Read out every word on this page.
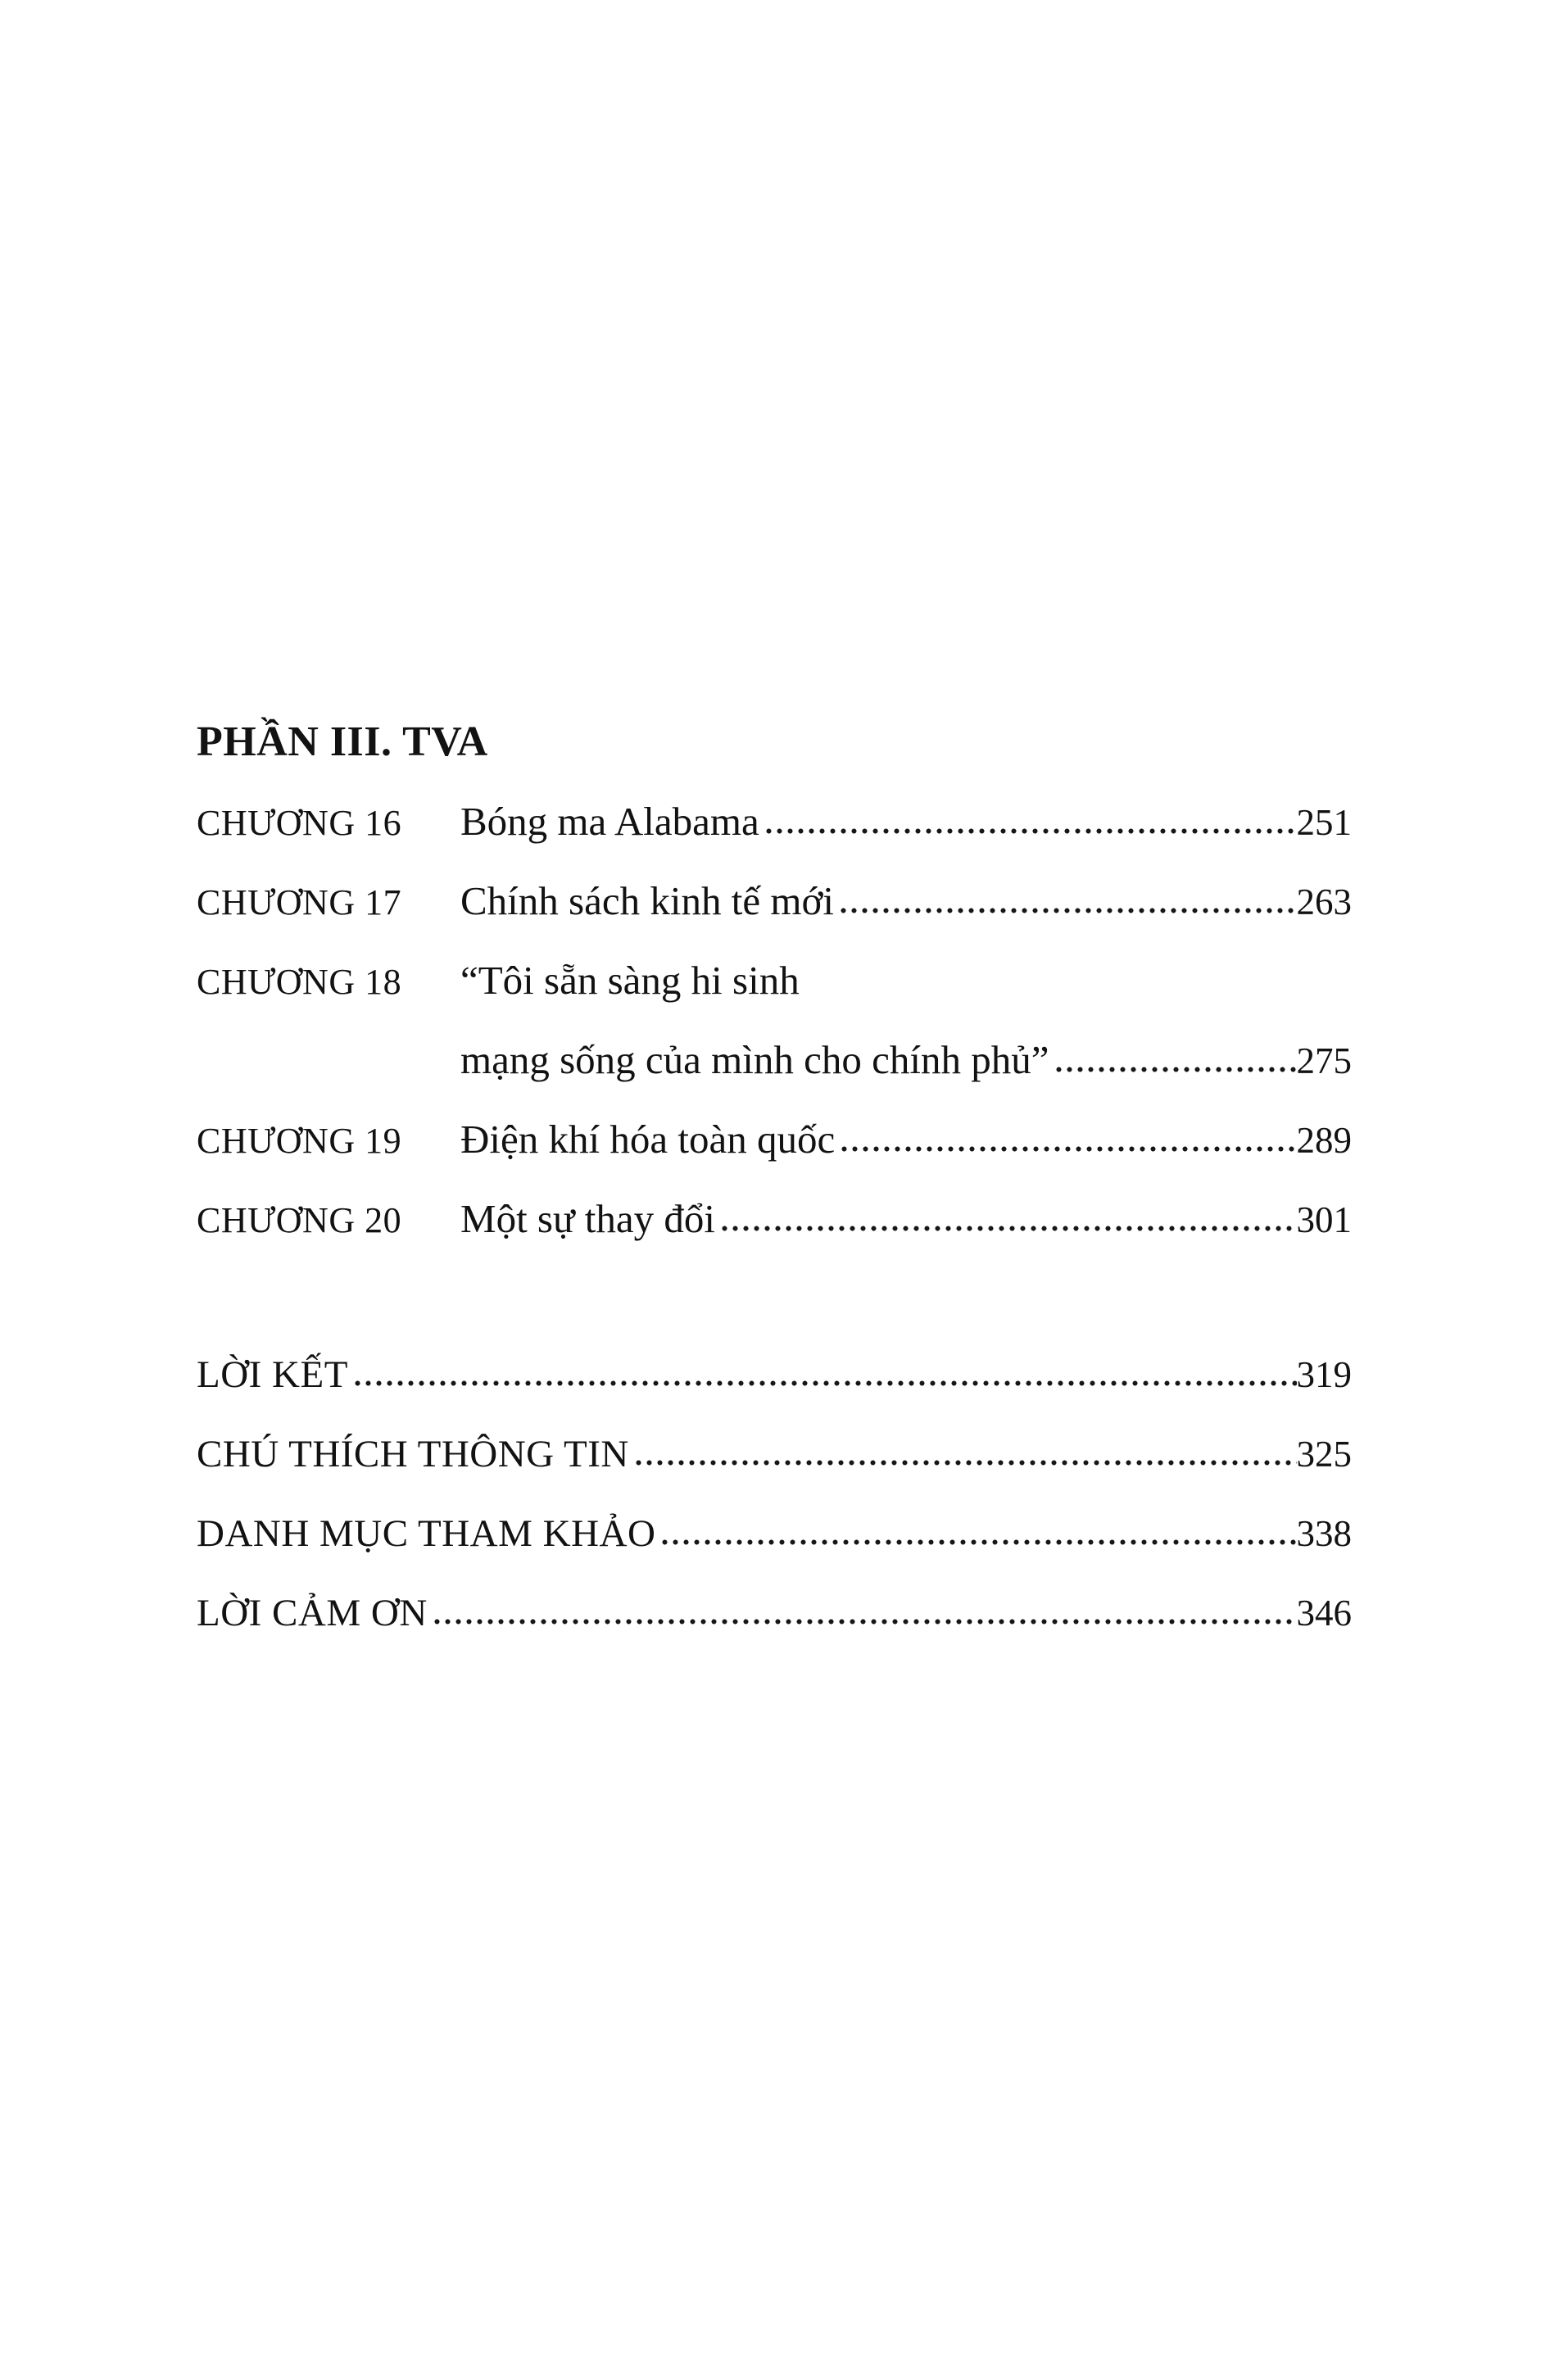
PHẦN III. TVA
CHƯƠNG 16	Bóng ma Alabama	251
CHƯƠNG 17	Chính sách kinh tế mới	263
CHƯƠNG 18	“Tôi sẵn sàng hi sinh
mạng sống của mình cho chính phủ”	275
CHƯƠNG 19	Điện khí hóa toàn quốc	289
CHƯƠNG 20	Một sự thay đổi	301
LỜI KẾT	319
CHÚ THÍCH THÔNG TIN	325
DANH MỤC THAM KHẢO	338
LỜI CẢM ƠN	346
